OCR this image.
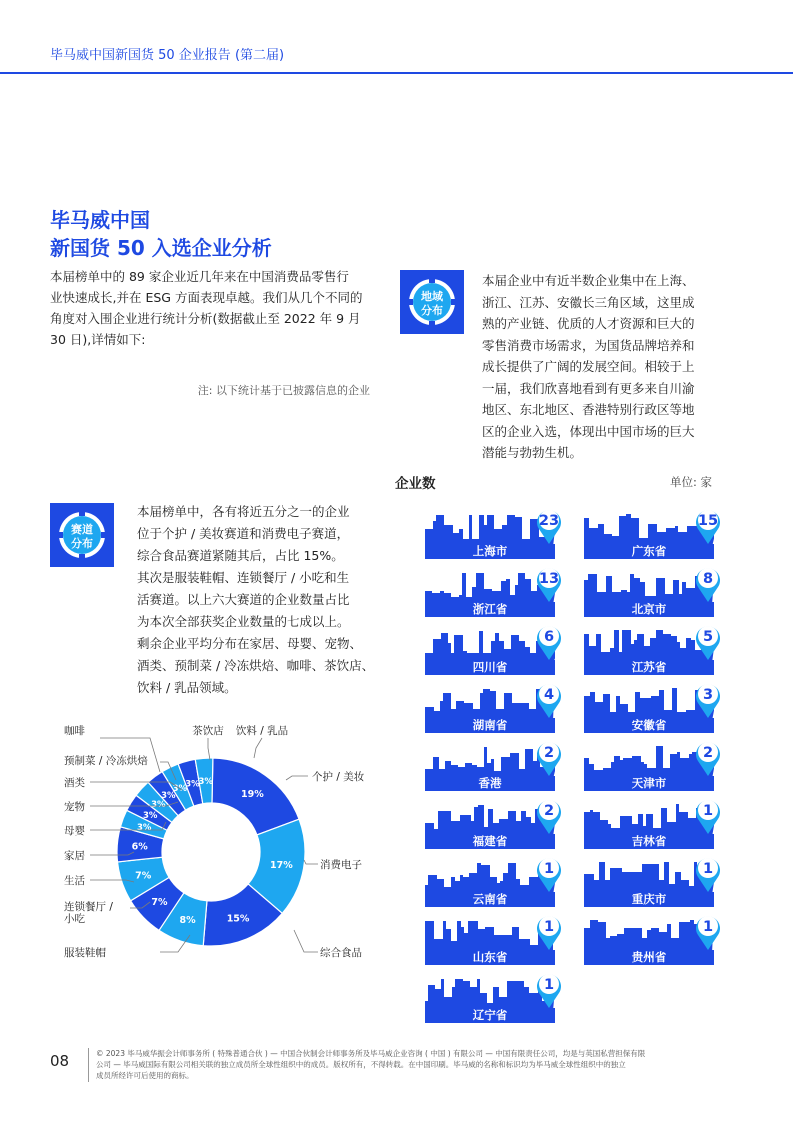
毕马威中国新国货 50 企业报告 (第二届)
毕马威中国
新国货 50 入选企业分析
本届榜单中的 89 家企业近几年来在中国消费品零售行
业快速成长,并在 ESG 方面表现卓越。我们从几个不同的
角度对入围企业进行统计分析(数据截止至 2022 年 9 月
30 日),详情如下:
注: 以下统计基于已披露信息的企业
地域
分布
本届企业中有近半数企业集中在上海、
浙江、江苏、安徽长三角区域，这里成
熟的产业链、优质的人才资源和巨大的
零售消费市场需求，为国货品牌培养和
成长提供了广阔的发展空间。相较于上
一届，我们欣喜地看到有更多来自川渝
地区、东北地区、香港特别行政区等地
区的企业入选，体现出中国市场的巨大
潜能与勃勃生机。
赛道
分布
本届榜单中，各有将近五分之一的企业
位于个护 / 美妆赛道和消费电子赛道，
综合食品赛道紧随其后，占比 15%。
其次是服装鞋帽、连锁餐厅 / 小吃和生
活赛道。以上六大赛道的企业数量占比
为本次全部获奖企业数量的七成以上。
剩余企业平均分布在家居、母婴、宠物、
酒类、预制菜 / 冷冻烘焙、咖啡、茶饮店、
饮料 / 乳品领域。
企业数	单位: 家
上海市
23
广东省
15
浙江省
13
北京市
8
四川省
6
江苏省
5
湖南省
4
安徽省
3
香港
2
天津市
2
福建省
2
吉林省
1
云南省
1
重庆市
1
山东省
1
贵州省
1
辽宁省
1
19%
17%
15%
8%
7%
7%
6%
3%
3%
3%
3%
3%
3%
3%
咖啡
预制菜 / 冷冻烘焙
酒类
宠物
母婴
家居
生活
连锁餐厅 /
小吃
服装鞋帽
茶饮店 饮料 / 乳品
个护 / 美妆
消费电子
综合食品
08	© 2023 毕马威华振会计师事务所 ( 特殊普通合伙 ) — 中国合伙制会计师事务所及毕马威企业咨询 ( 中国 ) 有限公司 — 中国有限责任公司，均是与英国私营担保有限
公司 — 毕马威国际有限公司相关联的独立成员所全球性组织中的成员。版权所有，不得转载。在中国印刷。毕马威的名称和标识均为毕马威全球性组织中的独立
成员所经许可后使用的商标。
